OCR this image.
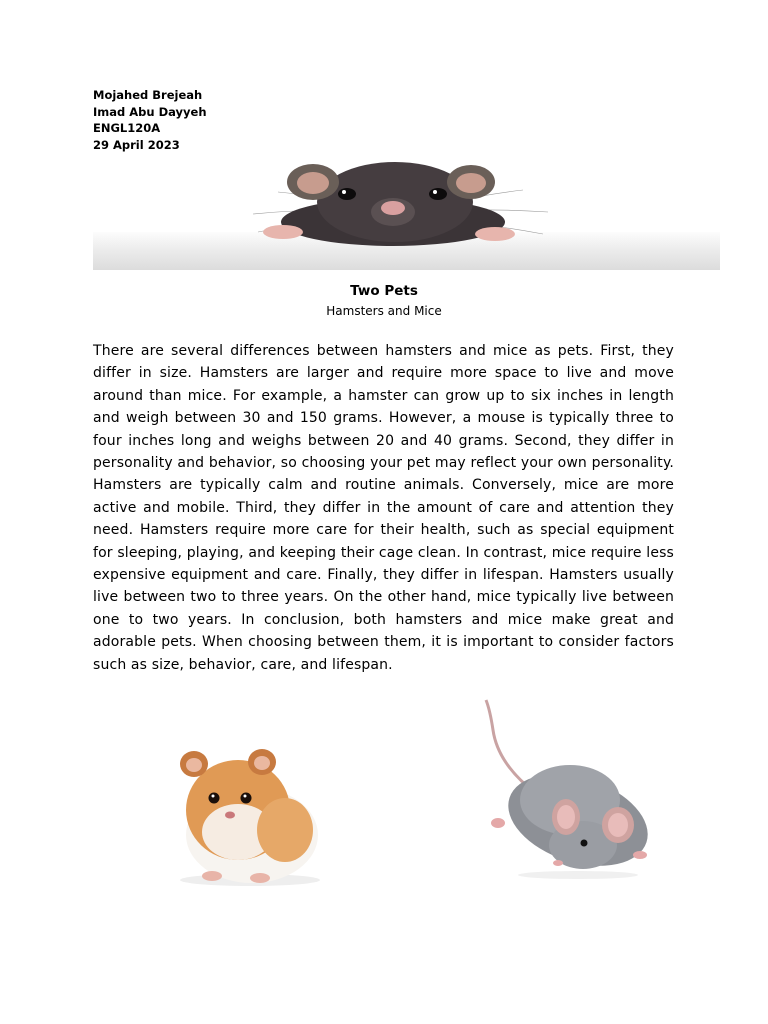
Mojahed Brejeah
Imad Abu Dayyeh
ENGL120A
29 April 2023
Two Pets
Hamsters and Mice

There are several differences between hamsters and mice as pets. First, they differ in size. Hamsters are larger and require more space to live and move around than mice. For example, a hamster can grow up to six inches in length and weigh between 30 and 150 grams. However, a mouse is typically three to four inches long and weighs between 20 and 40 grams. Second, they differ in personality and behavior, so choosing your pet may reflect your own personality. Hamsters are typically calm and routine animals. Conversely, mice are more active and mobile. Third, they differ in the amount of care and attention they need. Hamsters require more care for their health, such as special equipment for sleeping, playing, and keeping their cage clean. In contrast, mice require less expensive equipment and care. Finally, they differ in lifespan. Hamsters usually live between two to three years. On the other hand, mice typically live between one to two years. In conclusion, both hamsters and mice make great and adorable pets. When choosing between them, it is important to consider factors such as size, behavior, care, and lifespan.
